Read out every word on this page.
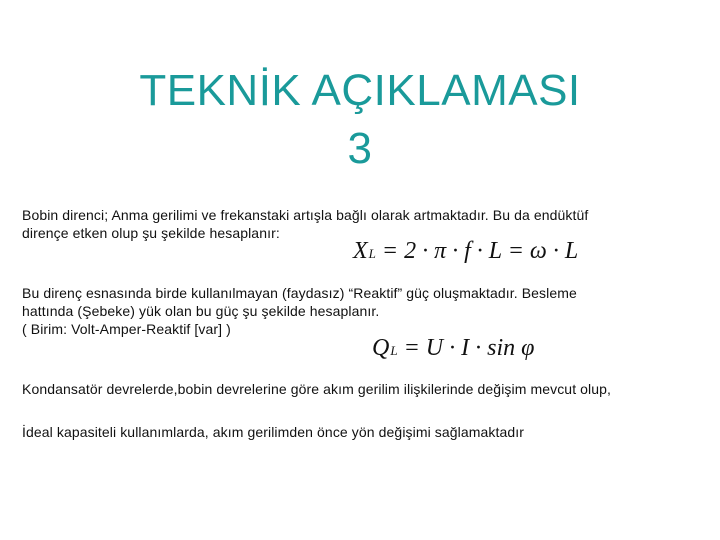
TEKNİK AÇIKLAMASI
3
Bobin direnci; Anma gerilimi ve frekanstaki artışla bağlı olarak artmaktadır. Bu da endüktüf
dirençe etken olup şu şekilde hesaplanır:
XL = 2 · π · f · L = ω · L
Bu direnç esnasında birde kullanılmayan (faydasız) “Reaktif” güç oluşmaktadır. Besleme
hattında (Şebeke) yük olan bu güç şu şekilde hesaplanır.
( Birim: Volt-Amper-Reaktif [var] )
QL = U · I · sin φ
Kondansatör devrelerde,bobin devrelerine göre akım gerilim ilişkilerinde değişim mevcut olup,
İdeal kapasiteli kullanımlarda, akım gerilimden önce yön değişimi sağlamaktadır
